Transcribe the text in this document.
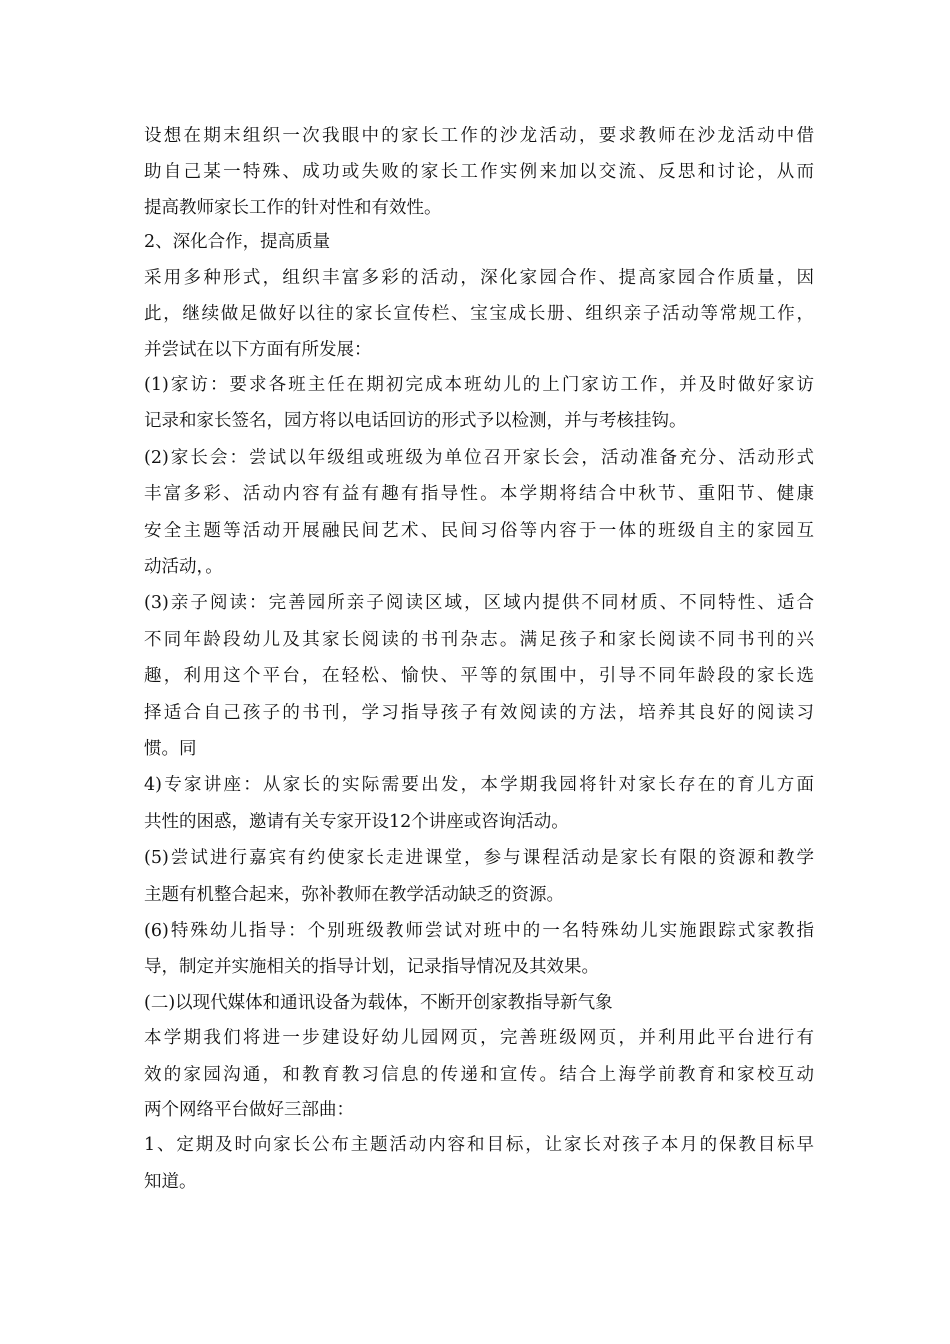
设想在期末组织一次我眼中的家长工作的沙龙活动，要求教师在沙龙活动中借
助自己某一特殊、成功或失败的家长工作实例来加以交流、反思和讨论，从而
提高教师家长工作的针对性和有效性。
2、深化合作，提高质量
采用多种形式，组织丰富多彩的活动，深化家园合作、提高家园合作质量，因
此，继续做足做好以往的家长宣传栏、宝宝成长册、组织亲子活动等常规工作，
并尝试在以下方面有所发展：
(1)家访：要求各班主任在期初完成本班幼儿的上门家访工作，并及时做好家访
记录和家长签名，园方将以电话回访的形式予以检测，并与考核挂钩。
(2)家长会：尝试以年级组或班级为单位召开家长会，活动准备充分、活动形式
丰富多彩、活动内容有益有趣有指导性。本学期将结合中秋节、重阳节、健康
安全主题等活动开展融民间艺术、民间习俗等内容于一体的班级自主的家园互
动活动，。
(3)亲子阅读：完善园所亲子阅读区域，区域内提供不同材质、不同特性、适合
不同年龄段幼儿及其家长阅读的书刊杂志。满足孩子和家长阅读不同书刊的兴
趣，利用这个平台，在轻松、愉快、平等的氛围中，引导不同年龄段的家长选
择适合自己孩子的书刊，学习指导孩子有效阅读的方法，培养其良好的阅读习
惯。同
4)专家讲座：从家长的实际需要出发，本学期我园将针对家长存在的育儿方面
共性的困惑，邀请有关专家开设12个讲座或咨询活动。
(5)尝试进行嘉宾有约使家长走进课堂，参与课程活动是家长有限的资源和教学
主题有机整合起来，弥补教师在教学活动缺乏的资源。
(6)特殊幼儿指导：个别班级教师尝试对班中的一名特殊幼儿实施跟踪式家教指
导，制定并实施相关的指导计划，记录指导情况及其效果。
(二)以现代媒体和通讯设备为载体，不断开创家教指导新气象
本学期我们将进一步建设好幼儿园网页，完善班级网页，并利用此平台进行有
效的家园沟通，和教育教习信息的传递和宣传。结合上海学前教育和家校互动
两个网络平台做好三部曲：
1、定期及时向家长公布主题活动内容和目标，让家长对孩子本月的保教目标早
知道。
